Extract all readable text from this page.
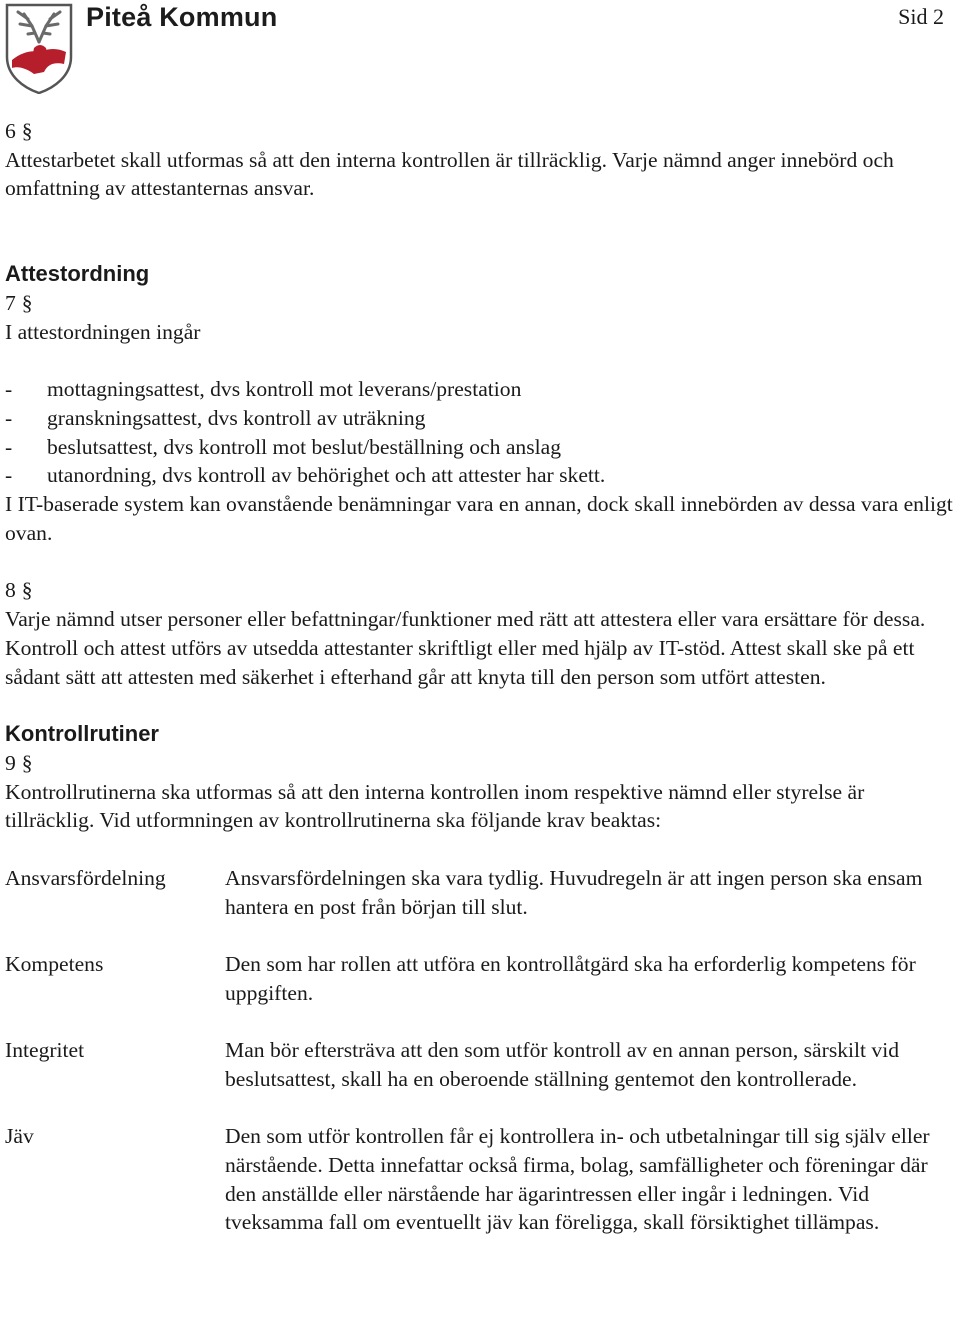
Piteå Kommun	Sid 2

6 §

Attestarbetet skall utformas så att den interna kontrollen är tillräcklig. Varje nämnd anger innebörd och omfattning av attestanternas ansvar.

Attestordning

7 §

I attestordningen ingår

-	mottagningsattest, dvs kontroll mot leverans/prestation
-	granskningsattest, dvs kontroll av uträkning
-	beslutsattest, dvs kontroll mot beslut/beställning och anslag
-	utanordning, dvs kontroll av behörighet och att attester har skett.

I IT-baserade system kan ovanstående benämningar vara en annan, dock skall innebörden av dessa vara enligt ovan.

8 §

Varje nämnd utser personer eller befattningar/funktioner med rätt att attestera eller vara ersättare för dessa. Kontroll och attest utförs av utsedda attestanter skriftligt eller med hjälp av IT-stöd. Attest skall ske på ett sådant sätt att attesten med säkerhet i efterhand går att knyta till den person som utfört attesten.

Kontrollrutiner

9 §

Kontrollrutinerna ska utformas så att den interna kontrollen inom respektive nämnd eller styrelse är tillräcklig. Vid utformningen av kontrollrutinerna ska följande krav beaktas:

Ansvarsfördelning	Ansvarsfördelningen ska vara tydlig. Huvudregeln är att ingen person ska ensam hantera en post från början till slut.
Kompetens	Den som har rollen att utföra en kontrollåtgärd ska ha erforderlig kompetens för uppgiften.
Integritet	Man bör eftersträva att den som utför kontroll av en annan person, särskilt vid beslutsattest, skall ha en oberoende ställning gentemot den kontrollerade.
Jäv	Den som utför kontrollen får ej kontrollera in- och utbetalningar till sig själv eller närstående. Detta innefattar också firma, bolag, samfälligheter och föreningar där den anställde eller närstående har ägarintressen eller ingår i ledningen. Vid tveksamma fall om eventuellt jäv kan föreligga, skall försiktighet tillämpas.
